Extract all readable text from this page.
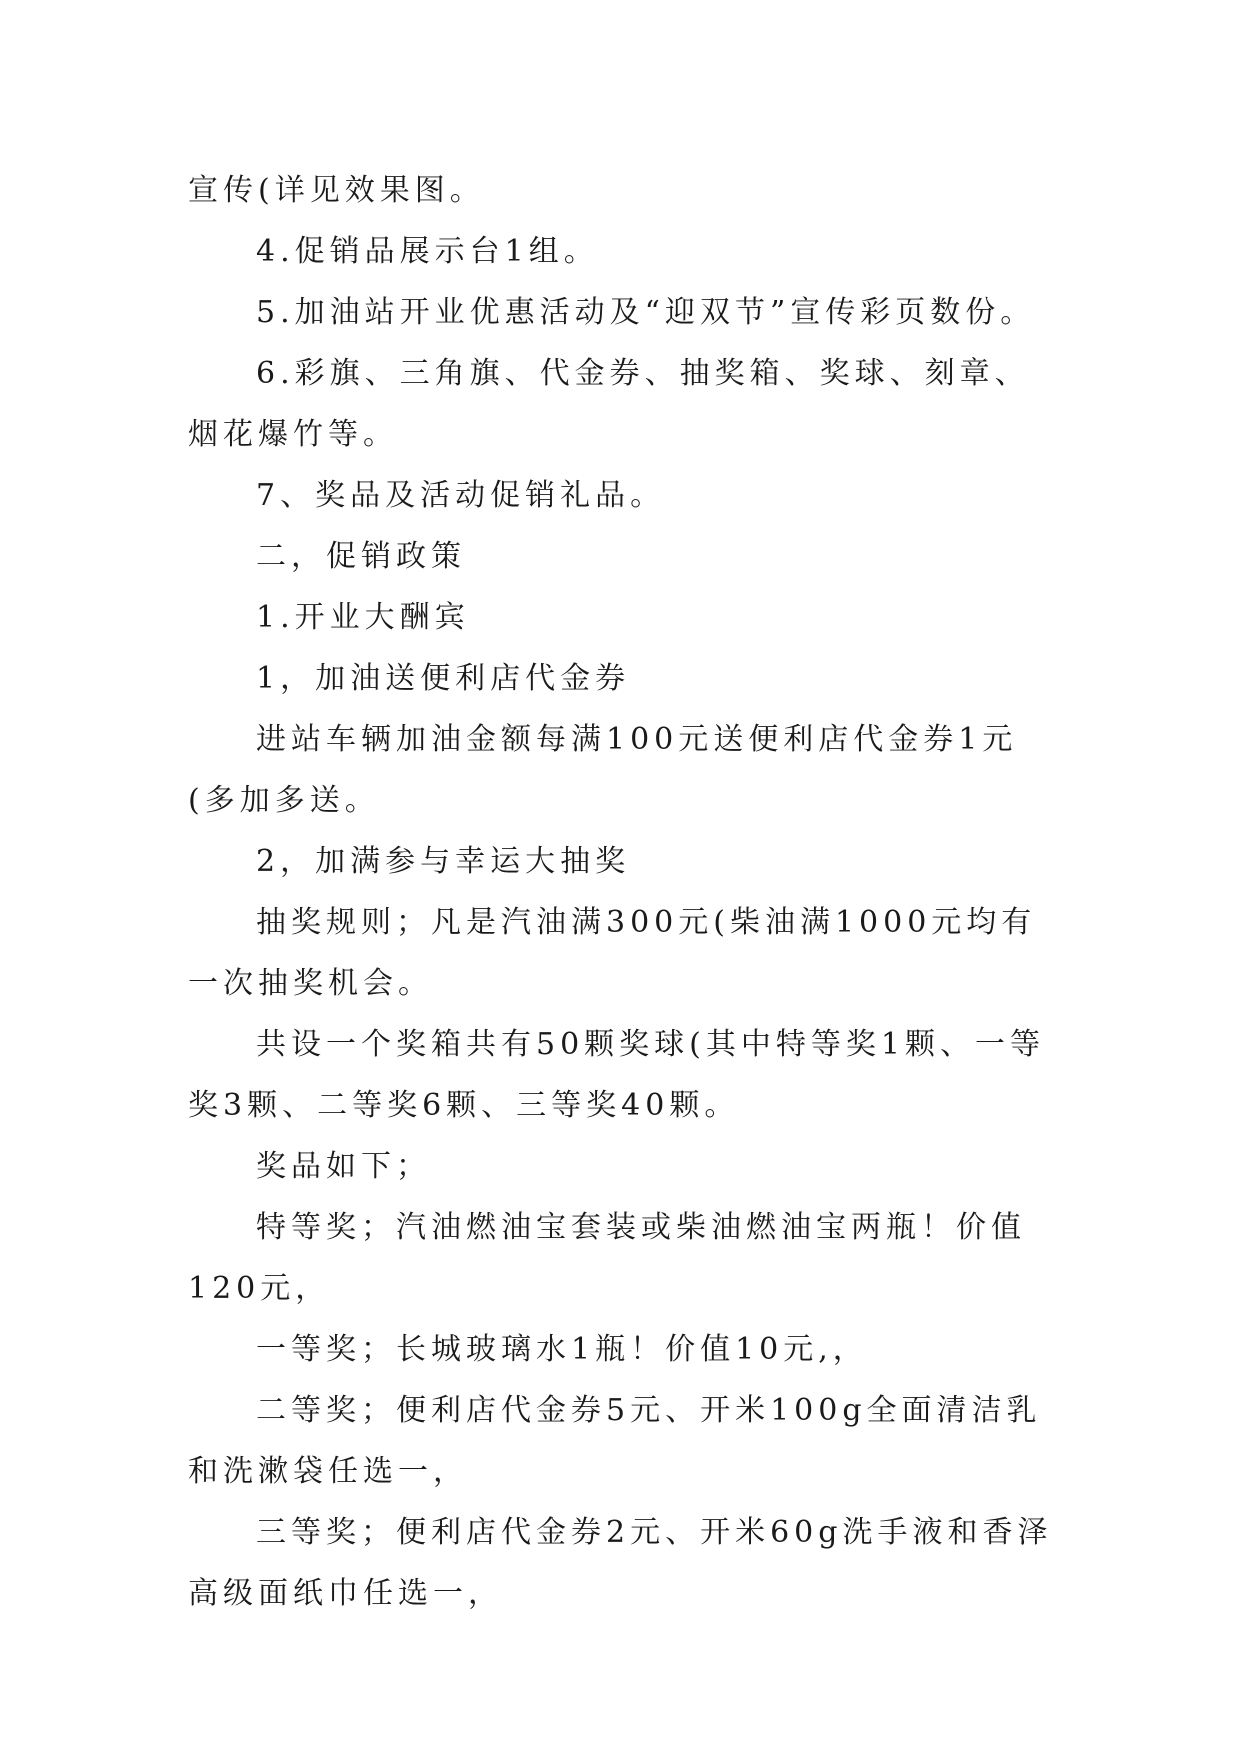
宣传(详见效果图。

4.促销品展示台1组。

5.加油站开业优惠活动及“迎双节”宣传彩页数份。

6.彩旗、三角旗、代金券、抽奖箱、奖球、刻章、烟花爆竹等。

7、奖品及活动促销礼品。

二，促销政策

1.开业大酬宾

1，加油送便利店代金券

进站车辆加油金额每满100元送便利店代金券1元(多加多送。

2，加满参与幸运大抽奖

抽奖规则；凡是汽油满300元(柴油满1000元均有一次抽奖机会。

共设一个奖箱共有50颗奖球(其中特等奖1颗、一等奖3颗、二等奖6颗、三等奖40颗。

奖品如下；

特等奖；汽油燃油宝套装或柴油燃油宝两瓶！价值120元，

一等奖；长城玻璃水1瓶！价值10元,，

二等奖；便利店代金券5元、开米100g全面清洁乳和洗漱袋任选一，

三等奖；便利店代金券2元、开米60g洗手液和香泽高级面纸巾任选一，
